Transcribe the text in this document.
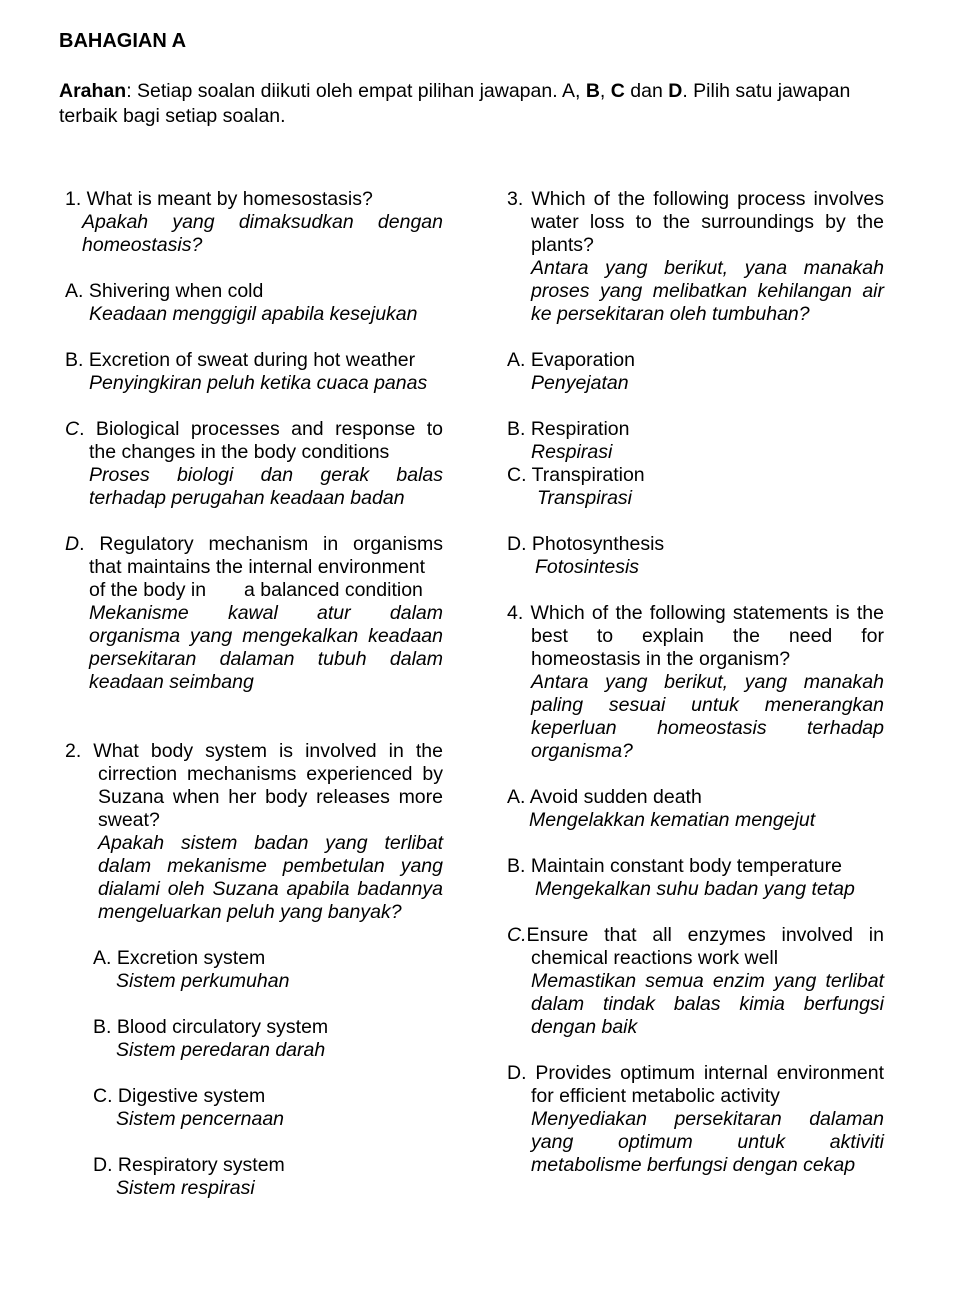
BAHAGIAN A
Arahan: Setiap soalan diikuti oleh empat pilihan jawapan. A, B, C dan D. Pilih satu jawapan terbaik bagi setiap soalan.
1. What is meant by homesostasis?
Apakah yang dimaksudkan dengan
homeostasis?
A. Shivering when cold
Keadaan menggigil apabila kesejukan
B. Excretion of sweat during hot weather
Penyingkiran peluh ketika cuaca panas
C. Biological processes and response to
the changes in the body conditions
Proses biologi dan gerak balas
terhadap perugahan keadaan badan
D. Regulatory mechanism in organisms
that maintains the internal environment
of the body in       a balanced condition
Mekanisme kawal atur dalam
organisma yang mengekalkan keadaan
persekitaran dalaman tubuh dalam
keadaan seimbang
2. What body system is involved in the
cirrection mechanisms experienced by
Suzana when her body releases more
sweat?
Apakah sistem badan yang terlibat
dalam mekanisme pembetulan yang
dialami oleh Suzana apabila badannya
mengeluarkan peluh yang banyak?
A. Excretion system
Sistem perkumuhan
B. Blood circulatory system
Sistem peredaran darah
C. Digestive system
Sistem pencernaan
D. Respiratory system
Sistem respirasi
3. Which of the following process involves
water loss to the surroundings by the
plants?
Antara yang berikut, yana manakah
proses yang melibatkan kehilangan air
ke persekitaran oleh tumbuhan?
A. Evaporation
Penyejatan
B. Respiration
Respirasi
C. Transpiration
Transpirasi
D. Photosynthesis
Fotosintesis
4. Which of the following statements is the
best to explain the need for
homeostasis in the organism?
Antara yang berikut, yang manakah
paling sesuai untuk menerangkan
keperluan homeostasis terhadap
organisma?
A. Avoid sudden death
Mengelakkan kematian mengejut
B. Maintain constant body temperature
Mengekalkan suhu badan yang tetap
C.Ensure that all enzymes involved in
chemical reactions work well
Memastikan semua enzim yang terlibat
dalam tindak balas kimia berfungsi
dengan baik
D. Provides optimum internal environment
for efficient metabolic activity
Menyediakan persekitaran dalaman
yang optimum untuk aktiviti
metabolisme berfungsi dengan cekap
